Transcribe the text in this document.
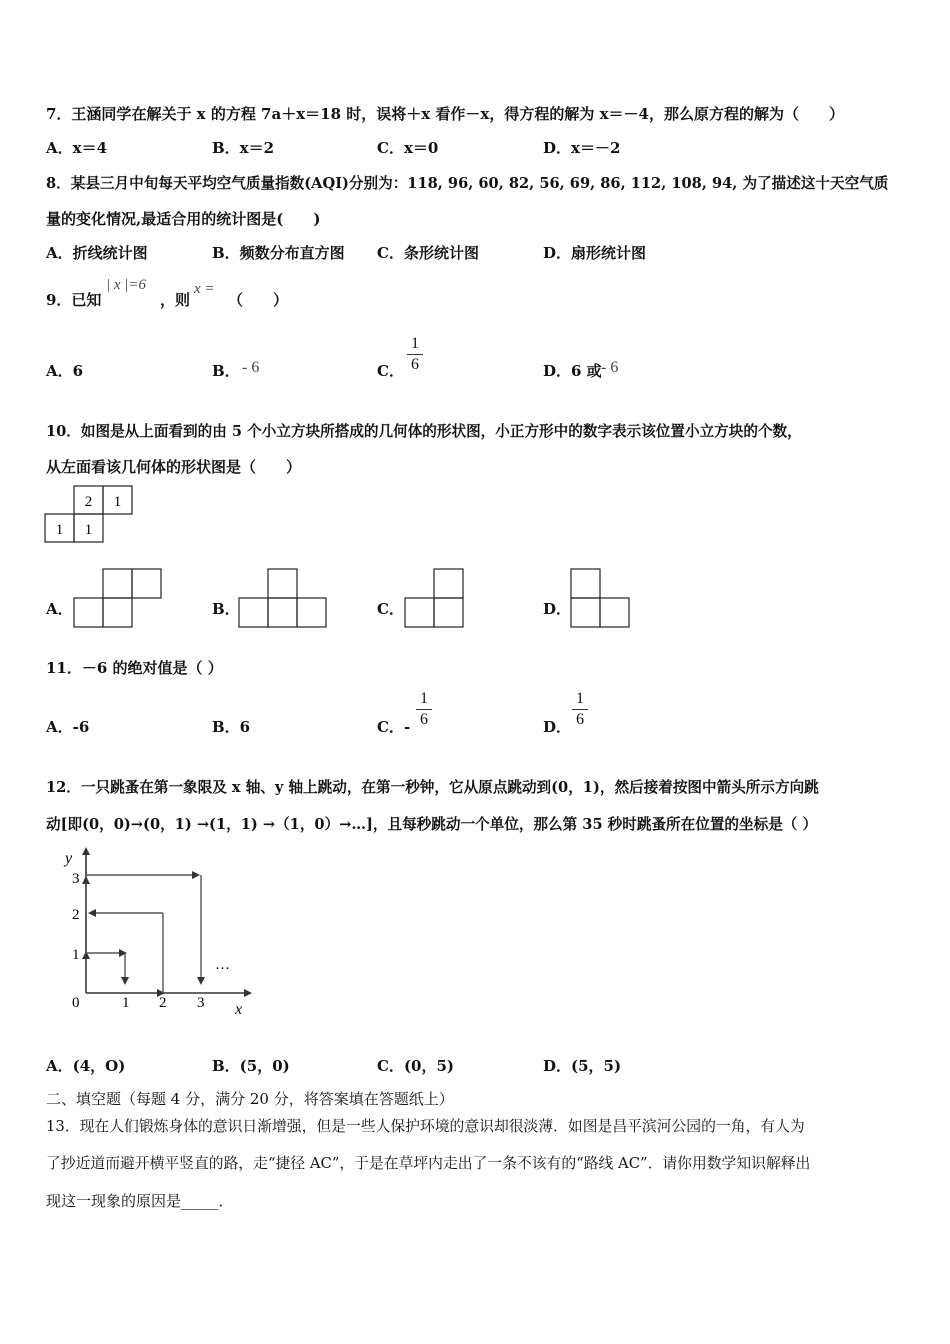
7．王涵同学在解关于 x 的方程 7a＋x＝18 时，误将＋x 看作－x，得方程的解为 x＝－4，那么原方程的解为（　　）
A．x＝4	B．x＝2	C．x＝0	D．x＝－2
8．某县三月中旬每天平均空气质量指数(AQI)分别为：118, 96, 60, 82, 56, 69, 86, 112, 108, 94, 为了描述这十天空气质
量的变化情况,最适合用的统计图是(　　)
A．折线统计图	B．频数分布直方图 C．条形统计图	D．扇形统计图
9．已知
| x |=6
，则
x =
（　　）
A．6	B． - 6	C．
1
6	D．6 或 - 6
10．如图是从上面看到的由 5 个小立方块所搭成的几何体的形状图，小正方形中的数字表示该位置小立方块的个数，
从左面看该几何体的形状图是（　　）
2 1
1 1
A．	B．	C．	D．
11．－6 的绝对值是（ ）
A．-6	B．6	C．-
1
6	D．
1
6
12．一只跳蚤在第一象限及 x 轴、y 轴上跳动，在第一秒钟，它从原点跳动到(0，1)，然后接着按图中箭头所示方向跳
动[即(0，0)→(0，1) →(1，1) →（1，0）→…]，且每秒跳动一个单位，那么第 35 秒时跳蚤所在位置的坐标是（ ）
y
x
0	1 2 3
1
2
3
…
A．(4，O)	B．(5，0)	C．(0，5)	D．(5，5)
二、填空题（每题 4 分，满分 20 分，将答案填在答题纸上）
13．现在人们锻炼身体的意识日渐增强，但是一些人保护环境的意识却很淡薄．如图是昌平滨河公园的一角，有人为
了抄近道而避开横平竖直的路，走“捷径 AC”，于是在草坪内走出了一条不该有的“路线 AC”．请你用数学知识解释出
现这一现象的原因是_____．
